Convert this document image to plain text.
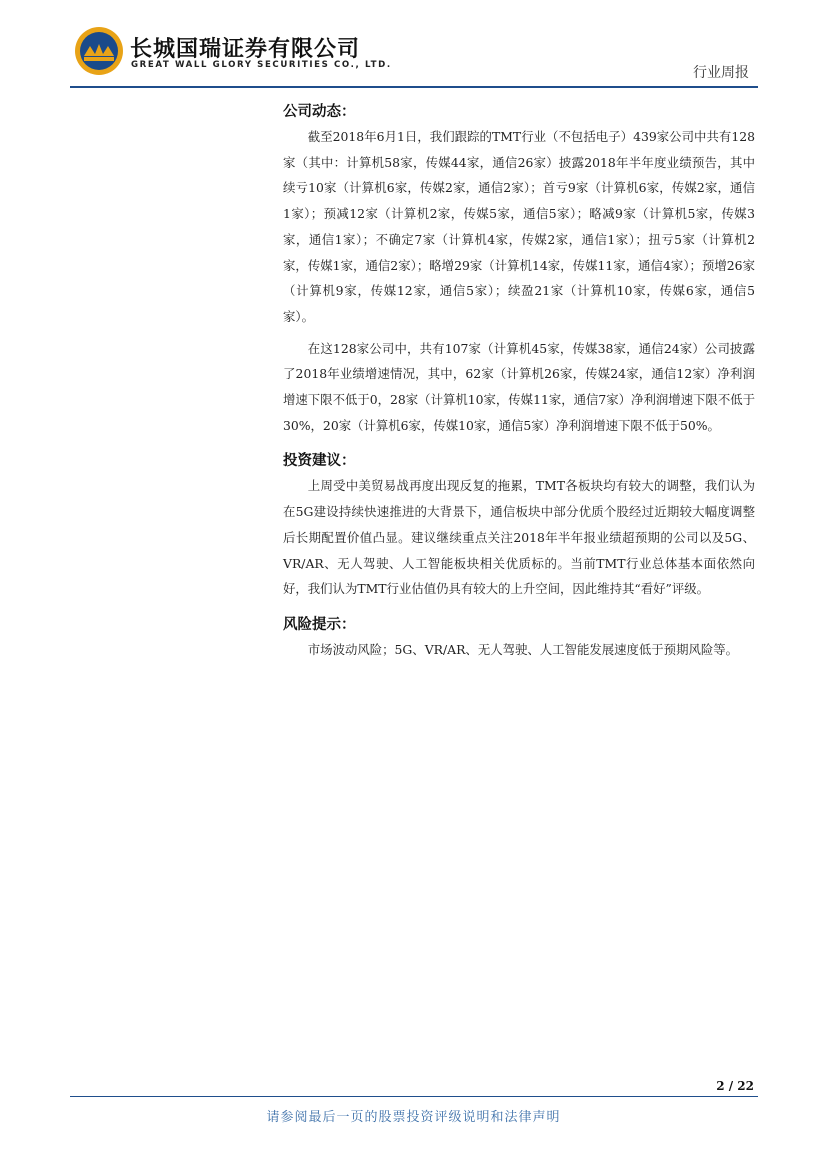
长城国瑞证券有限公司
GREAT WALL GLORY SECURITIES CO., LTD.	行业周报
公司动态：

截至2018年6月1日，我们跟踪的TMT行业（不包括电子）439家公司中共有128家（其中：计算机58家，传媒44家，通信26家）披露2018年半年度业绩预告，其中续亏10家（计算机6家，传媒2家，通信2家）；首亏9家（计算机6家，传媒2家，通信1家）；预减12家（计算机2家，传媒5家，通信5家）；略减9家（计算机5家，传媒3家，通信1家）；不确定7家（计算机4家，传媒2家，通信1家）；扭亏5家（计算机2家，传媒1家，通信2家）；略增29家（计算机14家，传媒11家，通信4家）；预增26家（计算机9家，传媒12家，通信5家）；续盈21家（计算机10家，传媒6家，通信5家）。

在这128家公司中，共有107家（计算机45家，传媒38家，通信24家）公司披露了2018年业绩增速情况，其中，62家（计算机26家，传媒24家，通信12家）净利润增速下限不低于0，28家（计算机10家，传媒11家，通信7家）净利润增速下限不低于30%，20家（计算机6家，传媒10家，通信5家）净利润增速下限不低于50%。

投资建议：

上周受中美贸易战再度出现反复的拖累，TMT各板块均有较大的调整，我们认为在5G建设持续快速推进的大背景下，通信板块中部分优质个股经过近期较大幅度调整后长期配置价值凸显。建议继续重点关注2018年半年报业绩超预期的公司以及5G、VR/AR、无人驾驶、人工智能板块相关优质标的。当前TMT行业总体基本面依然向好，我们认为TMT行业估值仍具有较大的上升空间，因此维持其“看好”评级。

风险提示：

市场波动风险；5G、VR/AR、无人驾驶、人工智能发展速度低于预期风险等。

2 / 22
请参阅最后一页的股票投资评级说明和法律声明
